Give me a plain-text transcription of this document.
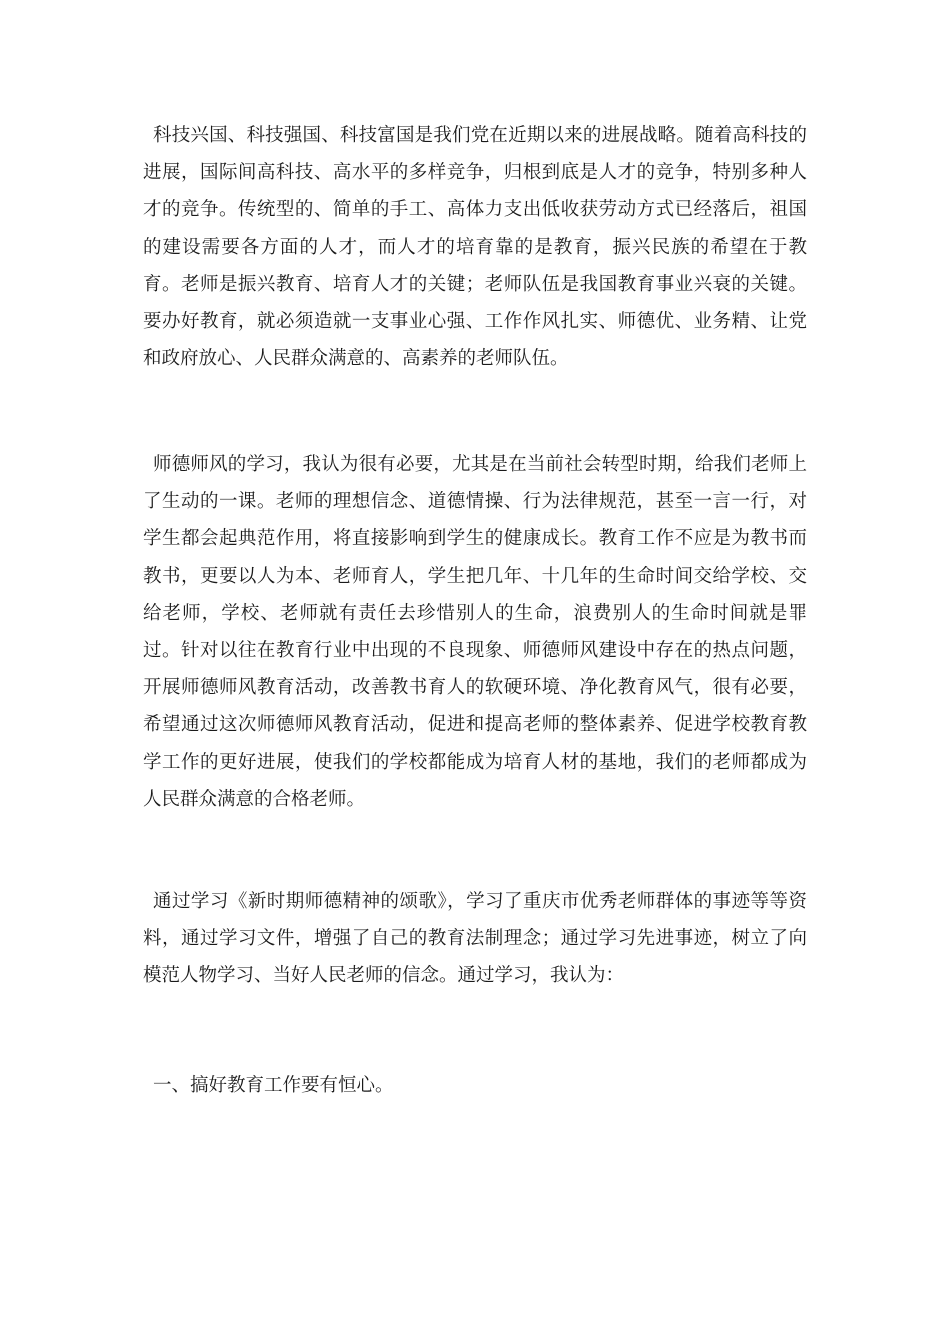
科技兴国、科技强国、科技富国是我们党在近期以来的进展战略。随着高科技的进展，国际间高科技、高水平的多样竞争，归根到底是人才的竞争，特别多种人才的竞争。传统型的、简单的手工、高体力支出低收获劳动方式已经落后，祖国的建设需要各方面的人才，而人才的培育靠的是教育，振兴民族的希望在于教育。老师是振兴教育、培育人才的关键；老师队伍是我国教育事业兴衰的关键。要办好教育，就必须造就一支事业心强、工作作风扎实、师德优、业务精、让党和政府放心、人民群众满意的、高素养的老师队伍。

师德师风的学习，我认为很有必要，尤其是在当前社会转型时期，给我们老师上了生动的一课。老师的理想信念、道德情操、行为法律规范，甚至一言一行，对学生都会起典范作用，将直接影响到学生的健康成长。教育工作不应是为教书而教书，更要以人为本、老师育人，学生把几年、十几年的生命时间交给学校、交给老师，学校、老师就有责任去珍惜别人的生命，浪费别人的生命时间就是罪过。针对以往在教育行业中出现的不良现象、师德师风建设中存在的热点问题，开展师德师风教育活动，改善教书育人的软硬环境、净化教育风气，很有必要，希望通过这次师德师风教育活动，促进和提高老师的整体素养、促进学校教育教学工作的更好进展，使我们的学校都能成为培育人材的基地，我们的老师都成为人民群众满意的合格老师。

通过学习《新时期师德精神的颂歌》，学习了重庆市优秀老师群体的事迹等等资料，通过学习文件，增强了自己的教育法制理念；通过学习先进事迹，树立了向模范人物学习、当好人民老师的信念。通过学习，我认为：

一、搞好教育工作要有恒心。
